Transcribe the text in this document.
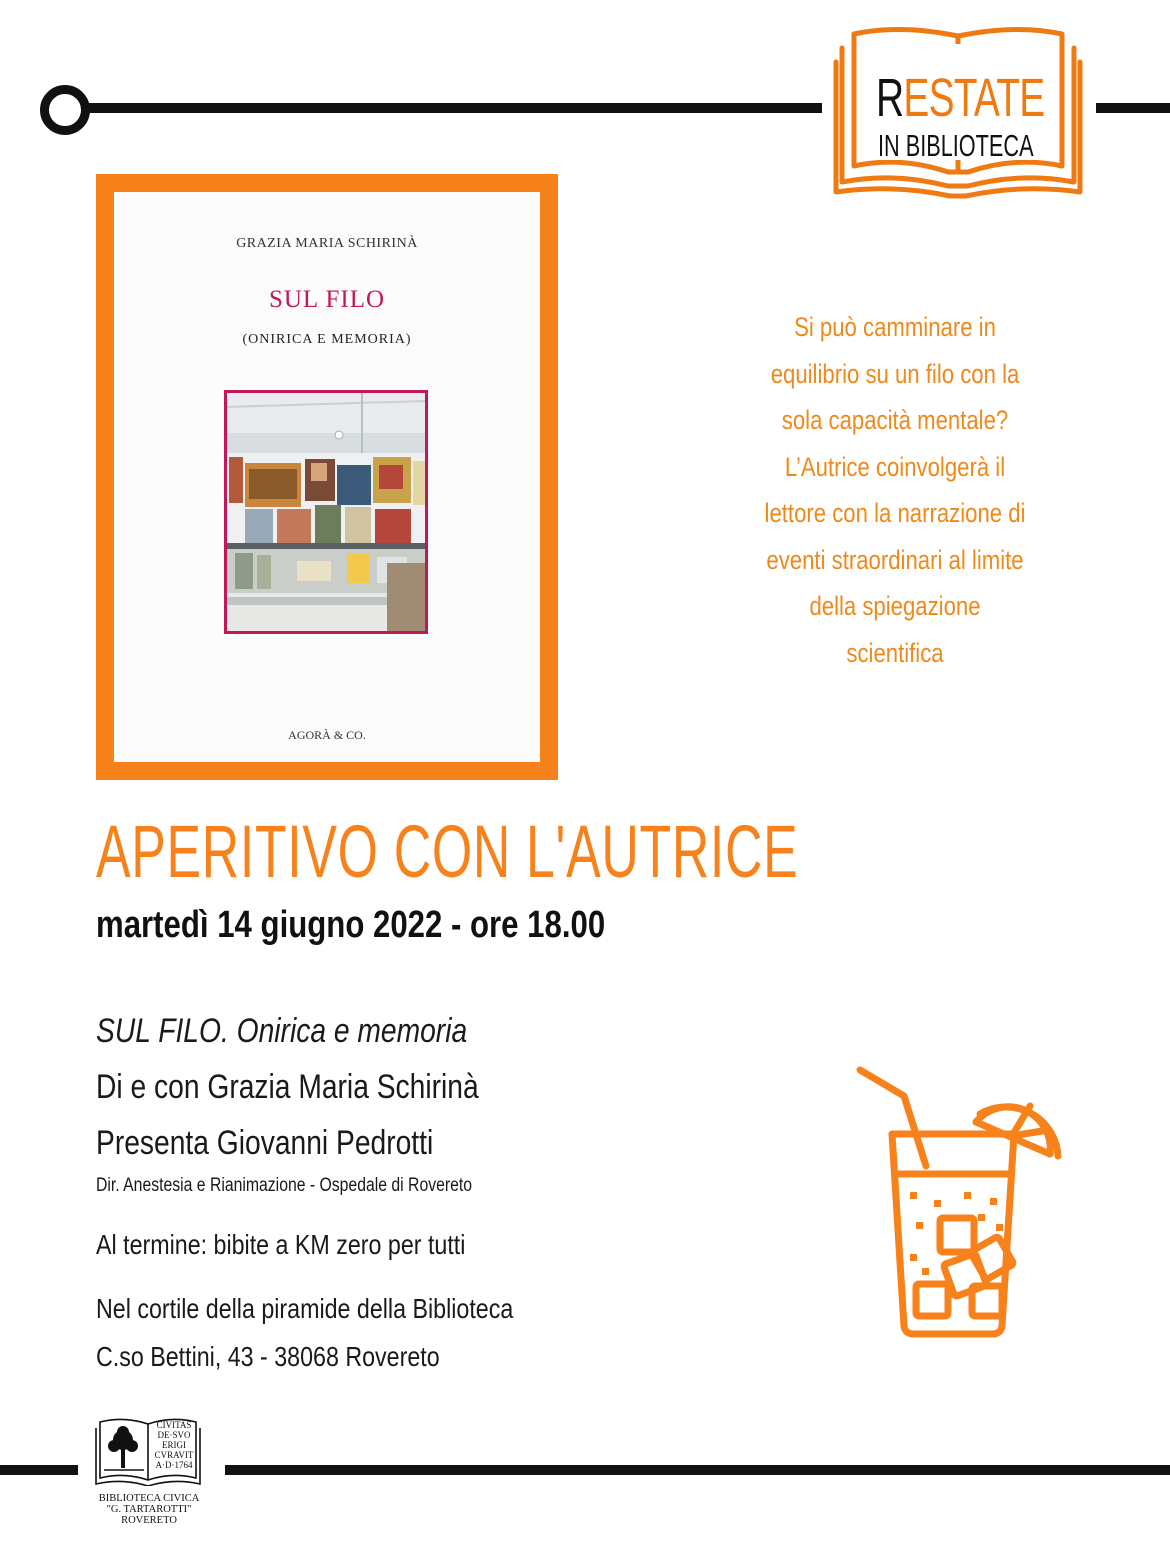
RESTATE
IN BIBLIOTECA
GRAZIA MARIA SCHIRINÀ
SUL FILO
(ONIRICA E MEMORIA)
AGORÀ & CO.
Si può camminare in
equilibrio su un filo con la
sola capacità mentale?
L’Autrice coinvolgerà il
lettore con la narrazione di
eventi straordinari al limite
della spiegazione
scientifica
APERITIVO CON L'AUTRICE
martedì 14 giugno 2022 - ore 18.00
SUL FILO. Onirica e memoria
Di e con Grazia Maria Schirinà
Presenta Giovanni Pedrotti
Dir. Anestesia e Rianimazione - Ospedale di Rovereto
Al termine: bibite a KM zero per tutti
Nel cortile della piramide della Biblioteca
C.so Bettini, 43 - 38068 Rovereto
CIVITAS
DE·SVO
ERIGI
CVRAVIT
A·D·1764
BIBLIOTECA CIVICA
"G. TARTAROTTI"
ROVERETO
